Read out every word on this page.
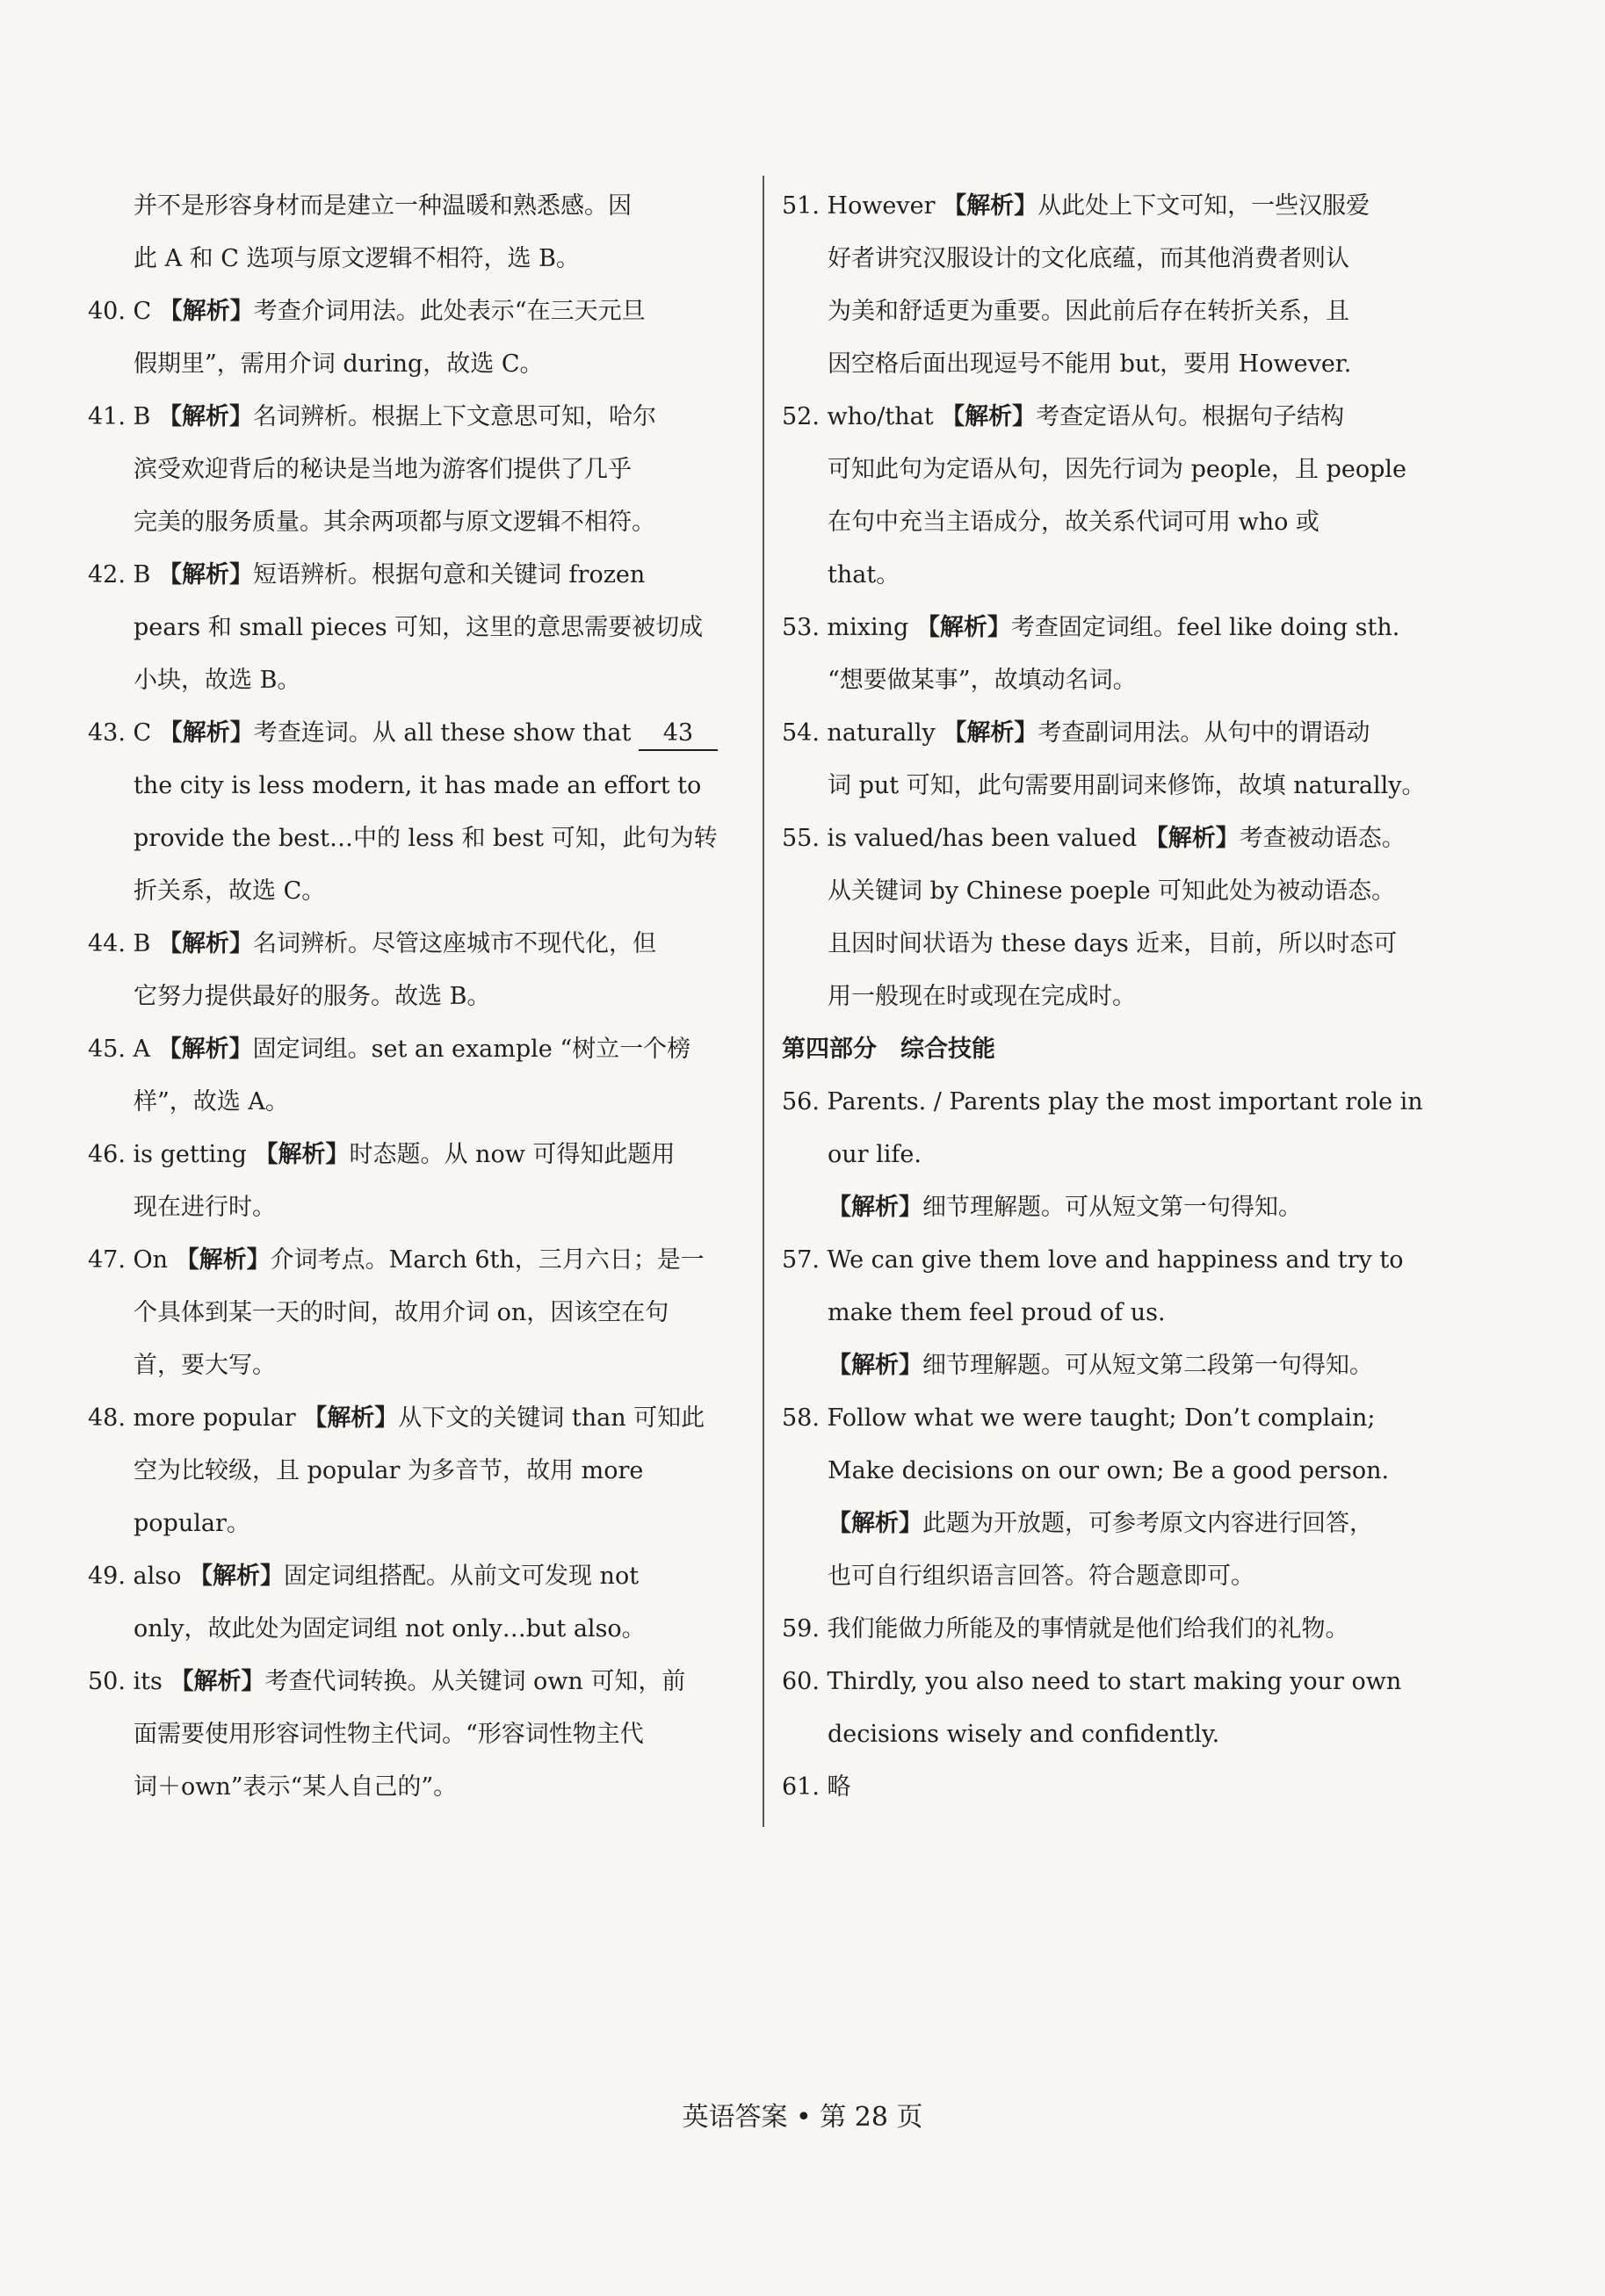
并不是形容身材而是建立一种温暖和熟悉感。因
此 A 和 C 选项与原文逻辑不相符，选 B。
40. C 【解析】考查介词用法。此处表示“在三天元旦
假期里”，需用介词 during，故选 C。
41. B 【解析】名词辨析。根据上下文意思可知，哈尔
滨受欢迎背后的秘诀是当地为游客们提供了几乎
完美的服务质量。其余两项都与原文逻辑不相符。
42. B 【解析】短语辨析。根据句意和关键词 frozen
pears 和 small pieces 可知，这里的意思需要被切成
小块，故选 B。
43. C 【解析】考查连词。从 all these show that 43
the city is less modern, it has made an effort to
provide the best…中的 less 和 best 可知，此句为转
折关系，故选 C。
44. B 【解析】名词辨析。尽管这座城市不现代化，但
它努力提供最好的服务。故选 B。
45. A 【解析】固定词组。set an example “树立一个榜
样”，故选 A。
46. is getting 【解析】时态题。从 now 可得知此题用
现在进行时。
47. On 【解析】介词考点。March 6th，三月六日；是一
个具体到某一天的时间，故用介词 on，因该空在句
首，要大写。
48. more popular 【解析】从下文的关键词 than 可知此
空为比较级，且 popular 为多音节，故用 more
popular。
49. also 【解析】固定词组搭配。从前文可发现 not
only，故此处为固定词组 not only…but also。
50. its 【解析】考查代词转换。从关键词 own 可知，前
面需要使用形容词性物主代词。“形容词性物主代
词＋own”表示“某人自己的”。
51. However 【解析】从此处上下文可知，一些汉服爱
好者讲究汉服设计的文化底蕴，而其他消费者则认
为美和舒适更为重要。因此前后存在转折关系，且
因空格后面出现逗号不能用 but，要用 However.
52. who/that 【解析】考查定语从句。根据句子结构
可知此句为定语从句，因先行词为 people，且 people
在句中充当主语成分，故关系代词可用 who 或
that。
53. mixing 【解析】考查固定词组。feel like doing sth.
“想要做某事”，故填动名词。
54. naturally 【解析】考查副词用法。从句中的谓语动
词 put 可知，此句需要用副词来修饰，故填 naturally。
55. is valued/has been valued 【解析】考查被动语态。
从关键词 by Chinese poeple 可知此处为被动语态。
且因时间状语为 these days 近来，目前，所以时态可
用一般现在时或现在完成时。
第四部分　综合技能
56. Parents. / Parents play the most important role in
our life.
【解析】细节理解题。可从短文第一句得知。
57. We can give them love and happiness and try to
make them feel proud of us.
【解析】细节理解题。可从短文第二段第一句得知。
58. Follow what we were taught; Don’t complain;
Make decisions on our own; Be a good person.
【解析】此题为开放题，可参考原文内容进行回答，
也可自行组织语言回答。符合题意即可。
59. 我们能做力所能及的事情就是他们给我们的礼物。
60. Thirdly, you also need to start making your own
decisions wisely and confidently.
61. 略
英语答案 • 第 28 页
